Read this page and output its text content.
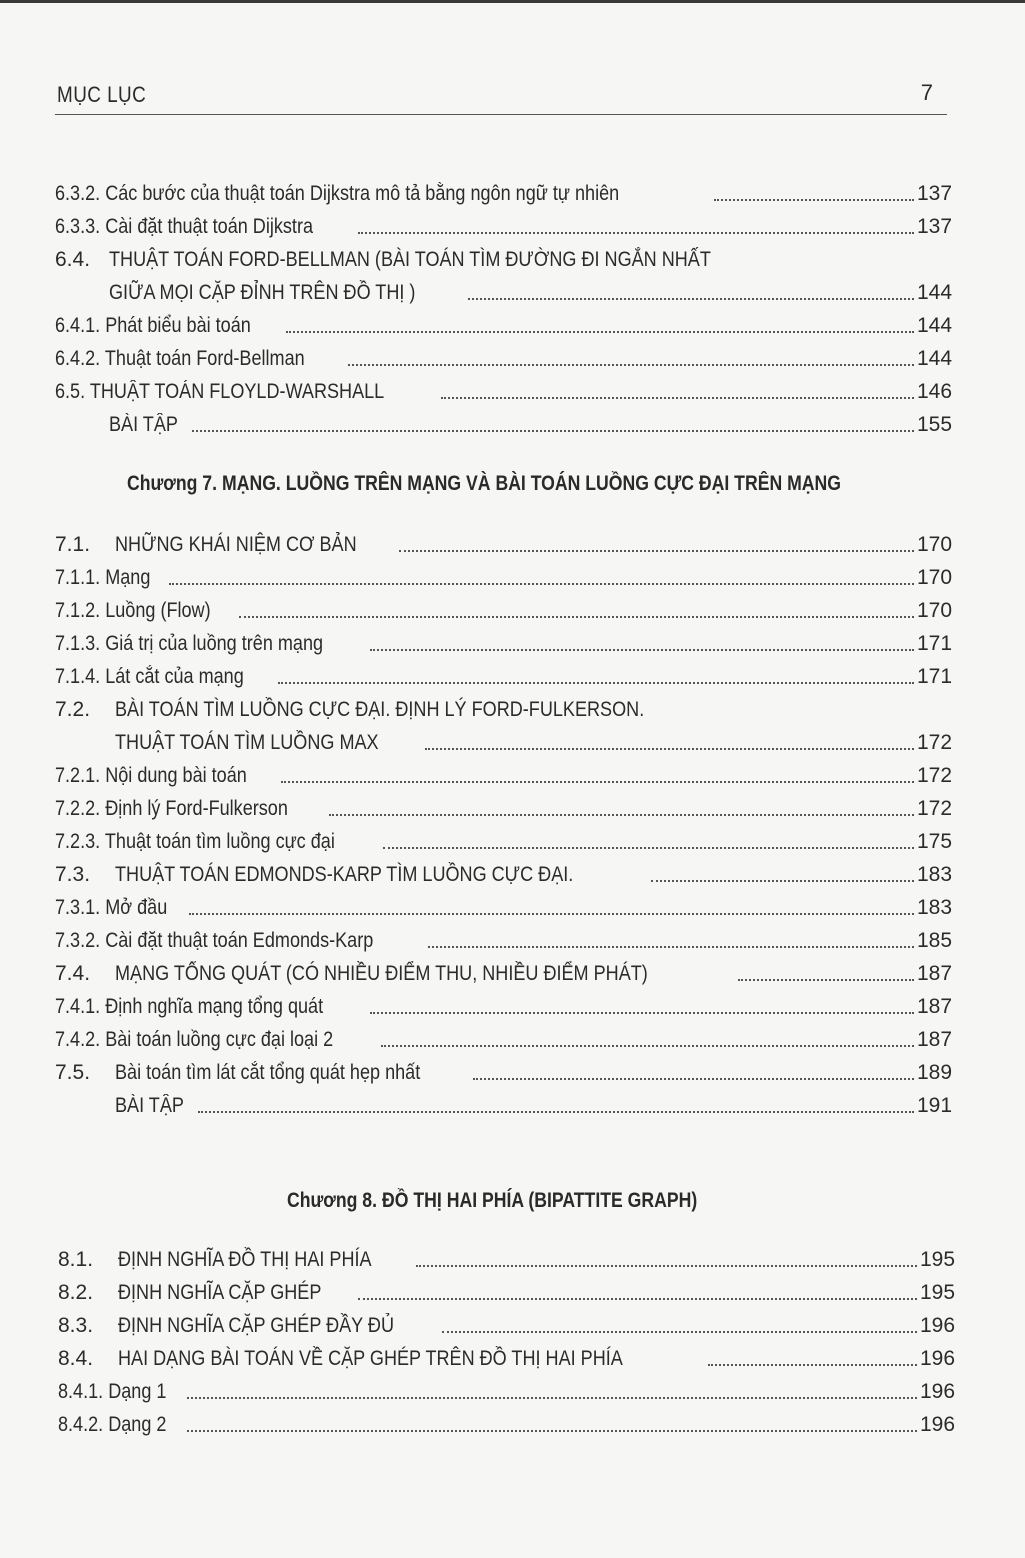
MỤC LỤC	7
6.3.2. Các bước của thuật toán Dijkstra mô tả bằng ngôn ngữ tự nhiên	137
6.3.3. Cài đặt thuật toán Dijkstra	137
6.4. THUẬT TOÁN FORD-BELLMAN (BÀI TOÁN TÌM ĐƯỜNG ĐI NGẮN NHẤT
GIỮA MỌI CẶP ĐỈNH TRÊN ĐỒ THỊ )	144
6.4.1. Phát biểu bài toán	144
6.4.2. Thuật toán Ford-Bellman	144
6.5. THUẬT TOÁN FLOYLD-WARSHALL	146
BÀI TẬP	155
Chương 7. MẠNG. LUỒNG TRÊN MẠNG VÀ BÀI TOÁN LUỒNG CỰC ĐẠI TRÊN MẠNG
7.1.	NHỮNG KHÁI NIỆM CƠ BẢN	170
7.1.1. Mạng	170
7.1.2. Luồng (Flow)	170
7.1.3. Giá trị của luồng trên mạng	171
7.1.4. Lát cắt của mạng	171
7.2.	BÀI TOÁN TÌM LUỒNG CỰC ĐẠI. ĐỊNH LÝ FORD-FULKERSON.
THUẬT TOÁN TÌM LUỒNG MAX	172
7.2.1. Nội dung bài toán	172
7.2.2. Định lý Ford-Fulkerson	172
7.2.3. Thuật toán tìm luồng cực đại	175
7.3.	THUẬT TOÁN EDMONDS-KARP TÌM LUỒNG CỰC ĐẠI.	183
7.3.1. Mở đầu	183
7.3.2. Cài đặt thuật toán Edmonds-Karp	185
7.4.	MẠNG TỔNG QUÁT (CÓ NHIỀU ĐIỂM THU, NHIỀU ĐIỂM PHÁT)	187
7.4.1. Định nghĩa mạng tổng quát	187
7.4.2. Bài toán luồng cực đại loại 2	187
7.5.	Bài toán tìm lát cắt tổng quát hẹp nhất	189
BÀI TẬP	191
Chương 8. ĐỒ THỊ HAI PHÍA (BIPATTITE GRAPH)
8.1.	ĐỊNH NGHĨA ĐỒ THỊ HAI PHÍA	195
8.2.	ĐỊNH NGHĨA CẶP GHÉP	195
8.3.	ĐỊNH NGHĨA CẶP GHÉP ĐẦY ĐỦ	196
8.4.	HAI DẠNG BÀI TOÁN VỀ CẶP GHÉP TRÊN ĐỒ THỊ HAI PHÍA	196
8.4.1. Dạng 1	196
8.4.2. Dạng 2	196
